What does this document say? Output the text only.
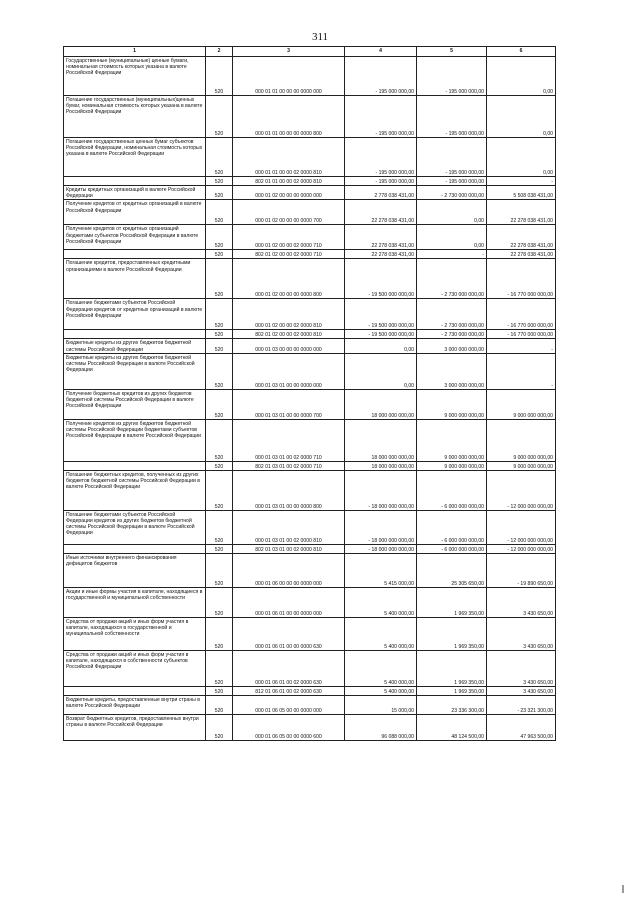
311
1	2	3	4	5	6
Государственные (муниципальные) ценные бумаги, номинальная стоимость которых указана в валюте Российской Федерации	520	000 01 01 00 00 00 0000 000	- 195 000 000,00	- 195 000 000,00	0,00
Погашение государственных (муниципальных)ценных бумаг, номинальная стоимость которых указана в валюте Российской Федерации	520	000 01 01 00 00 00 0000 800	- 195 000 000,00	- 195 000 000,00	0,00
Погашение государственных ценных бумаг субъектов Российской Федерации, номинальная стоимость которых указана в валюте Российской Федерации	520	000 01 01 00 00 02 0000 810	- 195 000 000,00	- 195 000 000,00	0,00
	520	802 01 01 00 00 02 0000 810	- 195 000 000,00	- 195 000 000,00	-
Кредиты кредитных организаций в валюте Российской Федерации	520	000 01 02 00 00 00 0000 000	2 778 038 431,00	- 2 730 000 000,00	5 508 038 431,00
Получение кредитов от кредитных организаций в валюте Российской Федерации	520	000 01 02 00 00 00 0000 700	22 278 038 431,00	0,00	22 278 038 431,00
Получение кредитов от кредитных организаций бюджетами субъектов Российской Федерации в валюте Российской Федерации	520	000 01 02 00 00 02 0000 710	22 278 038 431,00	0,00	22 278 038 431,00
	520	802 01 02 00 00 02 0000 710	22 278 038 431,00	-	22 278 038 431,00
Погашение кредитов, предоставленных кредитными организациями в валюте Российской Федерации	520	000 01 02 00 00 00 0000 800	- 19 500 000 000,00	- 2 730 000 000,00	- 16 770 000 000,00
Погашение бюджетами субъектов Российской Федерации кредитов от кредитных организаций в валюте Российской Федерации	520	000 01 02 00 00 02 0000 810	- 19 500 000 000,00	- 2 730 000 000,00	- 16 770 000 000,00
	520	802 01 02 00 00 02 0000 810	- 19 500 000 000,00	- 2 730 000 000,00	- 16 770 000 000,00
Бюджетные кредиты из других бюджетов бюджетной системы Российской Федерации	520	000 01 03 00 00 00 0000 000	0,00	3 000 000 000,00	-
Бюджетные кредиты из других бюджетов бюджетной системы Российской Федерации в валюте Российской Федерации	520	000 01 03 01 00 00 0000 000	0,00	3 000 000 000,00	-
Получение бюджетных кредитов из других бюджетов бюджетной системы Российской Федерации в валюте Российской Федерации	520	000 01 03 01 00 00 0000 700	18 000 000 000,00	9 000 000 000,00	9 000 000 000,00
Получение кредитов из других бюджетов бюджетной системы Российской Федерации бюджетами субъектов Российской Федерации в валюте Российской Федерации	520	000 01 03 01 00 02 0000 710	18 000 000 000,00	9 000 000 000,00	9 000 000 000,00
	520	802 01 03 01 00 02 0000 710	18 000 000 000,00	9 000 000 000,00	9 000 000 000,00
Погашение бюджетных кредитов, полученных из других бюджетов бюджетной системы Российской Федерации в валюте Российской Федерации	520	000 01 03 01 00 00 0000 800	- 18 000 000 000,00	- 6 000 000 000,00	- 12 000 000 000,00
Погашение бюджетами субъектов Российской Федерации кредитов из других бюджетов бюджетной системы Российской Федерации в валюте Российской Федерации	520	000 01 03 01 00 02 0000 810	- 18 000 000 000,00	- 6 000 000 000,00	- 12 000 000 000,00
	520	802 01 03 01 00 02 0000 810	- 18 000 000 000,00	- 6 000 000 000,00	- 12 000 000 000,00
Иные источники внутреннего финансирования дефицитов бюджетов	520	000 01 06 00 00 00 0000 000	5 415 000,00	25 305 650,00	- 19 890 650,00
Акции и иные формы участия в капитале, находящиеся в государственной и муниципальной собственности	520	000 01 06 01 00 00 0000 000	5 400 000,00	1 969 350,00	3 430 650,00
Средства от продажи акций и иных форм участия в капитале, находящихся в государственной и муниципальной собственности	520	000 01 06 01 00 00 0000 630	5 400 000,00	1 969 350,00	3 430 650,00
Средства от продажи акций и иных форм участия в капитале, находящихся в собственности субъектов Российской Федерации	520	000 01 06 01 00 02 0000 630	5 400 000,00	1 969 350,00	3 430 650,00
	520	812 01 06 01 00 02 0000 630	5 400 000,00	1 969 350,00	3 430 650,00
Бюджетные кредиты, предоставленные внутри страны в валюте Российской Федерации	520	000 01 06 05 00 00 0000 000	15 000,00	23 336 300,00	- 23 321 300,00
Возврат бюджетных кредитов, предоставленных внутри страны в валюте Российской Федерации	520	000 01 06 05 00 00 0000 600	96 088 000,00	48 124 500,00	47 963 500,00
